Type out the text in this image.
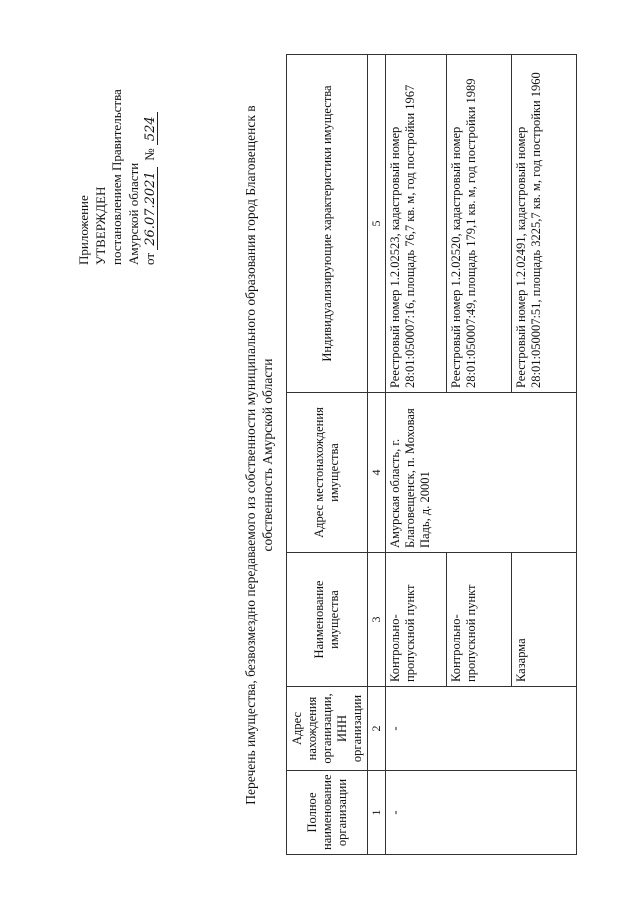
Приложение УТВЕРЖДЕН постановлением Правительства Амурской области от 26.07.2021  № 524	Перечень имущества, безвозмездно передаваемого из собственности муниципального образования город Благовещенск в собственность Амурской области
Полное наименование организации	Адрес нахождения организации, ИНН организации	Наименование имущества	Адрес местонахождения имущества	Индивидуализирующие характеристики имущества
1	2	3	4	5
-	-	Контрольно-пропускной пункт	Амурская область, г. Благовещенск, п. Моховая Падь, д. 20001	Реестровый номер 1.2.02523, кадастровый номер 28:01:050007:16, площадь 76,7 кв. м, год постройки 1967
		Контрольно-пропускной пункт		Реестровый номер 1.2.02520, кадастровый номер 28:01:050007:49, площадь 179,1 кв. м, год постройки 1989
		Казарма		Реестровый номер 1.2.02491, кадастровый номер 28:01:050007:51, площадь 3225,7 кв. м, год постройки 1960
